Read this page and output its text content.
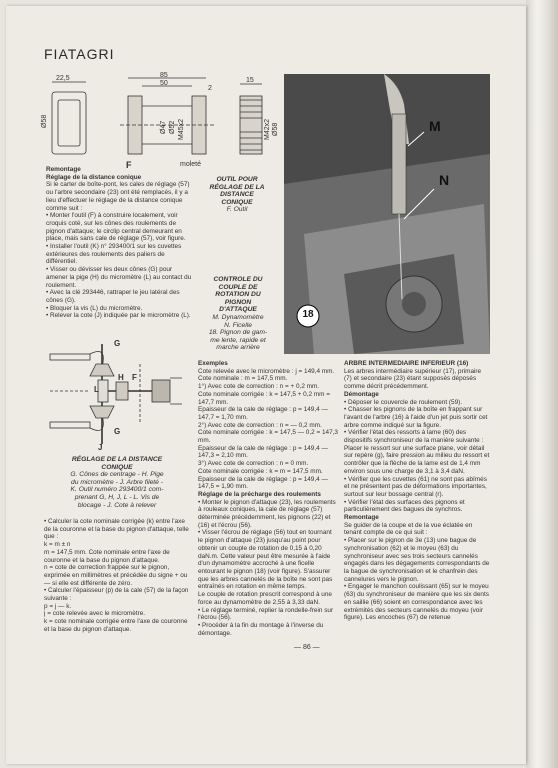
FIATAGRI
22,5	85
50
2
15
Ø58	Ø47 Ø52 M45x2	M42x2 Ø58
F	moleté
OUTIL POUR
RÉGLAGE DE LA
DISTANCE
CONIQUE
F. Outil
CONTROLE DU
COUPLE DE
ROTATION DU
PIGNON
D'ATTAQUE
M. Dynamomètre
N. Ficelle
18. Pignon de gam-
me lente, rapide et
marche arrière
M
N
18

Remontage

Réglage de la distance conique

Si le carter de boîte-pont, les cales de réglage (57) ou l'arbre secondaire (23) ont été remplacés, il y a lieu d'effectuer le réglage de la distance conique comme suit :

• Monter l'outil (F) à construire localement, voir croquis coté, sur les cônes des roulements de pignon d'attaque; le circlip central demeurant en place, mais sans cale de réglage (57), voir figure.

• Installer l'outil (K) n° 293400/1 sur les cuvettes extérieures des roulements des paliers de différentiel.

• Visser ou dévisser les deux cônes (G) pour amener la pige (H) du micromètre (L) au contact du roulement.

• Avec la clé 293446, rattraper le jeu latéral des cônes (G).

• Bloquer la vis (L) du micromètre.

• Relever la cote (J) indiquée par le micromètre (L).

G
L
H F
G
J
RÉGLAGE DE LA DISTANCE
CONIQUE
G. Cônes de centrage - H. Pige
du micromètre - J. Arbre fileté -
K. Outil numéro 293400/1 com-
prenant G, H, J, L - L. Vis de
blocage - J. Cote à relever

• Calculer la cote nominale corrigée (k) entre l'axe de la couronne et la base du pignon d'attaque, telle que :

k = m ± n

m = 147,5 mm. Cote nominale entre l'axe de couronne et la base du pignon d'attaque.

n = cote de correction frappée sur le pignon, exprimée en millimètres et précédée du signe + ou — si elle est différente de zéro.

• Calculer l'épaisseur (p) de la cale (57) de la façon suivante :

p = j — k.

j = cote relevée avec le micromètre.

k = cote nominale corrigée entre l'axe de couronne et la base du pignon d'attaque.

Exemples

Cote relevée avec le micromètre : j = 149,4 mm.

Cote nominale : m = 147,5 mm.

1°) Avec cote de correction : n = + 0,2 mm.

Cote nominale corrigée : k = 147,5 + 0,2 mm = 147,7 mm.

Epaisseur de la cale de réglage : p = 149,4 — 147,7 = 1,70 mm.

2°) Avec cote de correction : n = — 0,2 mm.

Cote nominale corrigée : k = 147,5 — 0,2 = 147,3 mm.

Epaisseur de la cale de réglage : p = 149,4 — 147,3 = 2,10 mm.

3°) Avec cote de correction : n = 0 mm.

Cote nominale corrigée : k = m = 147,5 mm.

Epaisseur de la cale de réglage : p = 149,4 — 147,5 = 1,90 mm.

Réglage de la précharge des roulements

• Monter le pignon d'attaque (23), les roulements à rouleaux coniques, la cale de réglage (57) déterminée précédemment, les pignons (22) et (16) et l'écrou (56).

• Visser l'écrou de réglage (56) tout en tournant le pignon d'attaque (23) jusqu'au point pour obtenir un couple de rotation de 0,15 à 0,20 daN.m. Cette valeur peut être mesurée à l'aide d'un dynamomètre accroché à une ficelle entourant le pignon (18) (voir figure). S'assurer que les arbres cannelés de la boîte ne sont pas entraînés en rotation en même temps.

Le couple de rotation prescrit correspond à une force au dynamomètre de 2,55 à 3,33 daN.

• Le réglage terminé, replier la rondelle-frein sur l'écrou (56).

• Procéder à la fin du montage à l'inverse du démontage.

ARBRE INTERMEDIAIRE INFERIEUR (16)

Les arbres intermédiaire supérieur (17), primaire (7) et secondaire (23) étant supposés déposés comme décrit précédemment.

Démontage

• Déposer le couvercle de roulement (59).

• Chasser les pignons de la boîte en frappant sur l'avant de l'arbre (16) à l'aide d'un jet puis sortir cet arbre comme indiqué sur la figure.

• Vérifier l'état des ressorts à lame (60) des dispositifs synchroniseur de la manière suivante :

Placer le ressort sur une surface plane, voir détail sur repère (g), faire pression au milieu du ressort et contrôler que la flèche de la lame est de 1,4 mm environ sous une charge de 3,1 à 3,4 daN.

• Vérifier que les cuvettes (61) ne sont pas abîmés et ne présentent pas de déformations importantes, surtout sur leur bossage central (r).

• Vérifier l'état des surfaces des pignons et particulièrement des bagues de synchros.

Remontage

Se guider de la coupe et de la vue éclatée en tenant compte de ce qui suit :

• Placer sur le pignon de 3e (13) une bague de synchronisation (62) et le moyeu (63) du synchroniseur avec ses trois secteurs cannelés engagés dans les dégagements correspondants de la bague de synchronisation et le chanfrein des cannelures vers le pignon.

• Engager le manchon coulissant (65) sur le moyeu (63) du synchroniseur de manière que les six dents en saillie (66) soient en correspondance avec les extrémités des secteurs cannelés du moyeu (voir figure). Les encoches (67) de retenue

— 86 —
